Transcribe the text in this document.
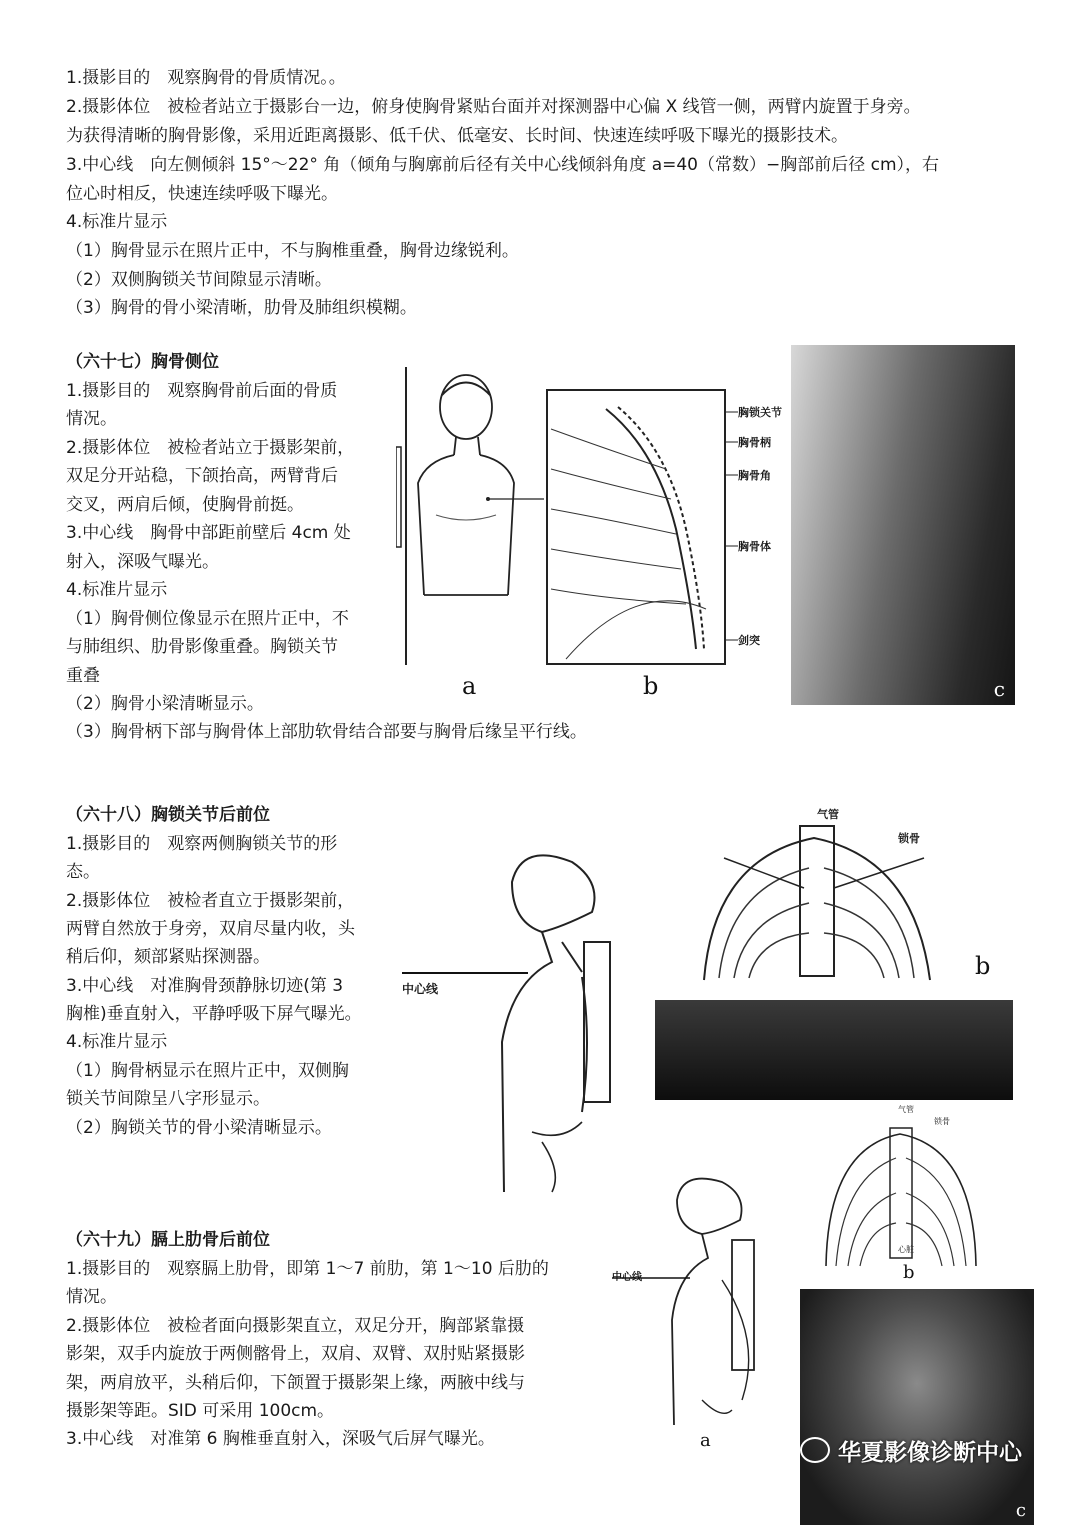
1.摄影目的　观察胸骨的骨质情况。。
2.摄影体位　被检者站立于摄影台一边，俯身使胸骨紧贴台面并对探测器中心偏 X 线管一侧，两臂内旋置于身旁。
为获得清晰的胸骨影像，采用近距离摄影、低千伏、低毫安、长时间、快速连续呼吸下曝光的摄影技术。
3.中心线　向左侧倾斜 15°〜22° 角（倾角与胸廓前后径有关中心线倾斜角度 a=40（常数）−胸部前后径 cm），右
位心时相反，快速连续呼吸下曝光。
4.标准片显示
（1）胸骨显示在照片正中，不与胸椎重叠，胸骨边缘锐利。
（2）双侧胸锁关节间隙显示清晰。
（3）胸骨的骨小梁清晰，肋骨及肺组织模糊。
（六十七）胸骨侧位
1.摄影目的　观察胸骨前后面的骨质
情况。
2.摄影体位　被检者站立于摄影架前，
双足分开站稳，下颌抬高，两臂背后
交叉，两肩后倾，使胸骨前挺。
3.中心线　胸骨中部距前壁后 4cm 处
射入，深吸气曝光。
4.标准片显示
（1）胸骨侧位像显示在照片正中，不
与肺组织、肋骨影像重叠。胸锁关节
重叠
（2）胸骨小梁清晰显示。
（3）胸骨柄下部与胸骨体上部肋软骨结合部要与胸骨后缘呈平行线。
a
胸锁关节
胸骨柄
胸骨角
胸骨体
剑突
b	c
（六十八）胸锁关节后前位
1.摄影目的　观察两侧胸锁关节的形
态。
2.摄影体位　被检者直立于摄影架前，
两臂自然放于身旁，双肩尽量内收，头
稍后仰，颏部紧贴探测器。
3.中心线　对准胸骨颈静脉切迹(第 3
胸椎)垂直射入，平静呼吸下屏气曝光。
4.标准片显示
（1）胸骨柄显示在照片正中，双侧胸
锁关节间隙呈八字形显示。
（2）胸锁关节的骨小梁清晰显示。
中心线
气管
锁骨
b
（六十九）膈上肋骨后前位
1.摄影目的　观察膈上肋骨，即第 1〜7 前肋，第 1〜10 后肋的
情况。
2.摄影体位　被检者面向摄影架直立，双足分开，胸部紧靠摄
影架，双手内旋放于两侧髂骨上，双肩、双臂、双肘贴紧摄影
架，两肩放平，头稍后仰，下颌置于摄影架上缘，两腋中线与
摄影架等距。SID 可采用 100cm。
3.中心线　对准第 6 胸椎垂直射入，深吸气后屏气曝光。
中心线
a
气管
锁骨
心脏
b
c
华夏影像诊断中心
